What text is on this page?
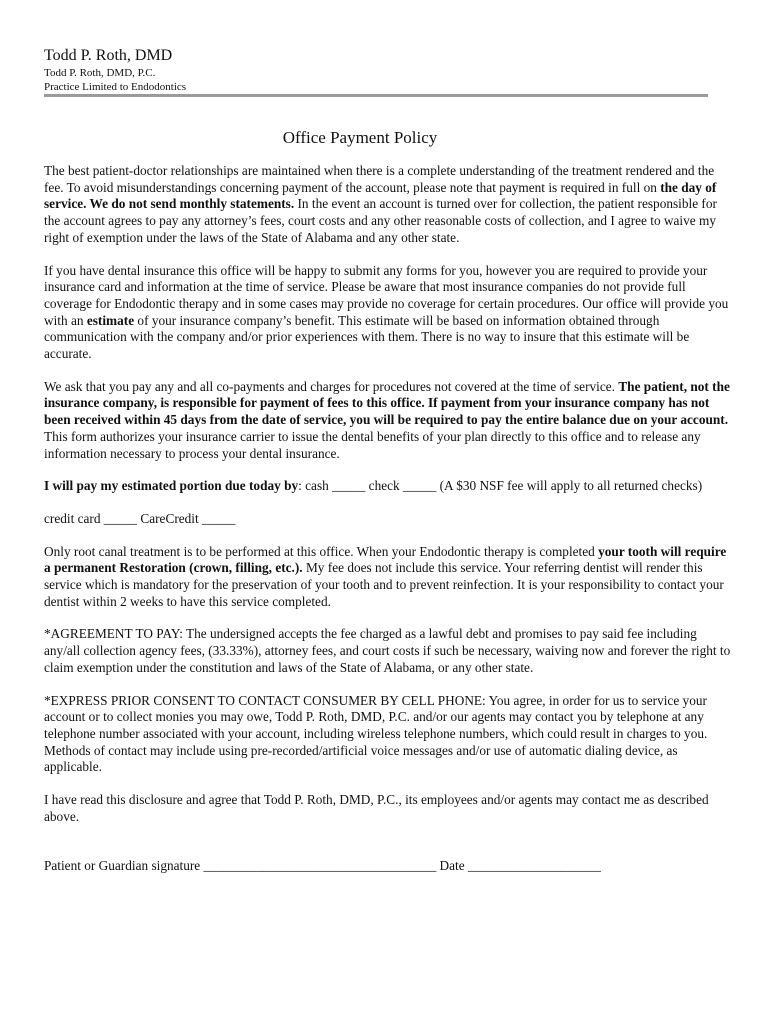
Todd P. Roth, DMD
Todd P. Roth, DMD, P.C.
Practice Limited to Endodontics
Office Payment Policy

The best patient-doctor relationships are maintained when there is a complete understanding of the treatment rendered and the fee. To avoid misunderstandings concerning payment of the account, please note that payment is required in full on the day of service. We do not send monthly statements. In the event an account is turned over for collection, the patient responsible for the account agrees to pay any attorney’s fees, court costs and any other reasonable costs of collection, and I agree to waive my right of exemption under the laws of the State of Alabama and any other state.

If you have dental insurance this office will be happy to submit any forms for you, however you are required to provide your insurance card and information at the time of service. Please be aware that most insurance companies do not provide full coverage for Endodontic therapy and in some cases may provide no coverage for certain procedures. Our office will provide you with an estimate of your insurance company’s benefit. This estimate will be based on information obtained through communication with the company and/or prior experiences with them. There is no way to insure that this estimate will be accurate.

We ask that you pay any and all co-payments and charges for procedures not covered at the time of service. The patient, not the insurance company, is responsible for payment of fees to this office. If payment from your insurance company has not been received within 45 days from the date of service, you will be required to pay the entire balance due on your account. This form authorizes your insurance carrier to issue the dental benefits of your plan directly to this office and to release any information necessary to process your dental insurance.

I will pay my estimated portion due today by: cash _____ check _____ (A $30 NSF fee will apply to all returned checks)

credit card _____ CareCredit _____

Only root canal treatment is to be performed at this office. When your Endodontic therapy is completed your tooth will require a permanent Restoration (crown, filling, etc.). My fee does not include this service. Your referring dentist will render this service which is mandatory for the preservation of your tooth and to prevent reinfection. It is your responsibility to contact your dentist within 2 weeks to have this service completed.

*AGREEMENT TO PAY: The undersigned accepts the fee charged as a lawful debt and promises to pay said fee including any/all collection agency fees, (33.33%), attorney fees, and court costs if such be necessary, waiving now and forever the right to claim exemption under the constitution and laws of the State of Alabama, or any other state.

*EXPRESS PRIOR CONSENT TO CONTACT CONSUMER BY CELL PHONE: You agree, in order for us to service your account or to collect monies you may owe, Todd P. Roth, DMD, P.C. and/or our agents may contact you by telephone at any telephone number associated with your account, including wireless telephone numbers, which could result in charges to you. Methods of contact may include using pre-recorded/artificial voice messages and/or use of automatic dialing device, as applicable.

I have read this disclosure and agree that Todd P. Roth, DMD, P.C., its employees and/or agents may contact me as described above.

Patient or Guardian signature ___________________________________ Date ____________________
